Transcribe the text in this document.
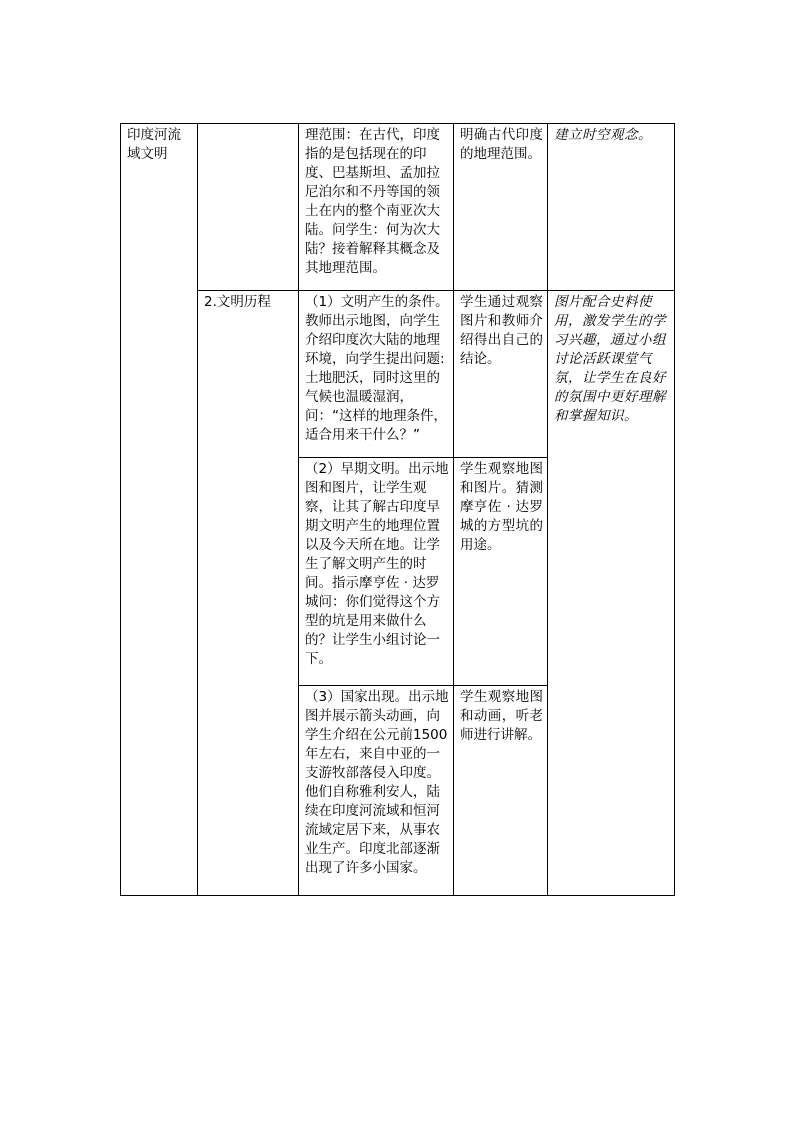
印度河流域文明		理范围：在古代，印度指的是包括现在的印度、巴基斯坦、孟加拉 尼泊尔和不丹等国的领土在内的整个南亚次大陆。问学生：何为次大陆？接着解释其概念及其地理范围。	明确古代印度的地理范围。	建立时空观念。
	2.文明历程	（1）文明产生的条件。教师出示地图，向学生介绍印度次大陆的地理环境，向学生提出问题:土地肥沃，同时这里的气候也温暖湿润，问：“这样的地理条件，适合用来干什么？”	学生通过观察图片和教师介绍得出自己的结论。	图片配合史料使用，激发学生的学习兴趣，通过小组讨论活跃课堂气氛，让学生在良好的氛围中更好理解和掌握知识。
		（2）早期文明。出示地图和图片，让学生观察，让其了解古印度早期文明产生的地理位置以及今天所在地。让学生了解文明产生的时间。指示摩亨佐 · 达罗城问：你们觉得这个方型的坑是用来做什么的？让学生小组讨论一下。	学生观察地图和图片。猜测摩亨佐 · 达罗城的方型坑的用途。	
		（3）国家出现。出示地图并展示箭头动画，向学生介绍在公元前1500年左右，来自中亚的一支游牧部落侵入印度。他们自称雅利安人，陆续在印度河流域和恒河流域定居下来，从事农业生产。印度北部逐渐出现了许多小国家。	学生观察地图和动画，听老师进行讲解。	
